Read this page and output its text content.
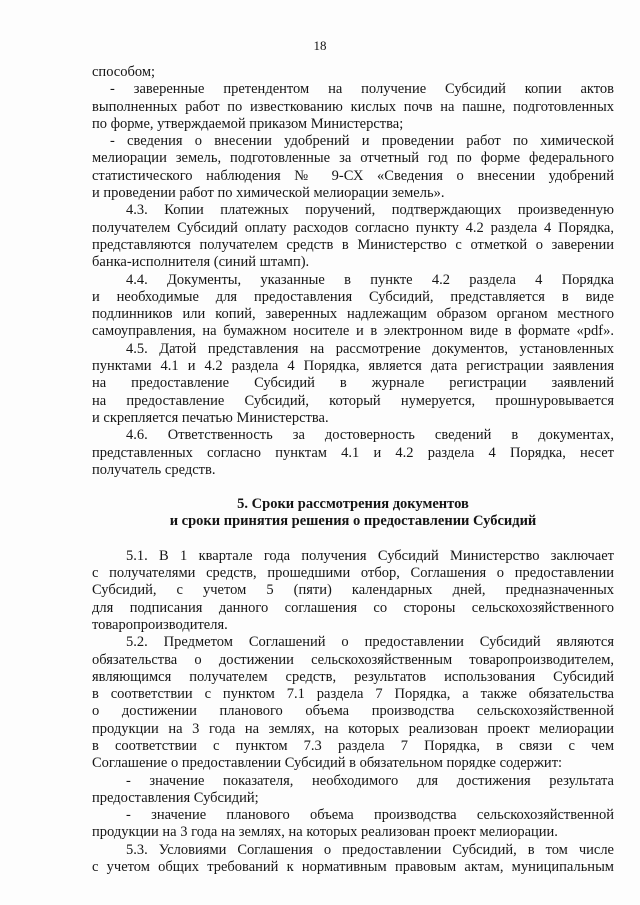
18
способом;
- заверенные претендентом на получение Субсидий копии актов
выполненных работ по известкованию кислых почв на пашне, подготовленных
по форме, утверждаемой приказом Министерства;
- сведения о внесении удобрений и проведении работ по химической
мелиорации земель, подготовленные за отчетный год по форме федерального
статистического наблюдения № 9-СХ «Сведения о внесении удобрений
и проведении работ по химической мелиорации земель».
4.3. Копии платежных поручений, подтверждающих произведенную
получателем Субсидий оплату расходов согласно пункту 4.2 раздела 4 Порядка,
представляются получателем средств в Министерство с отметкой о заверении
банка-исполнителя (синий штамп).
4.4. Документы, указанные в пункте 4.2 раздела 4 Порядка
и необходимые для предоставления Субсидий, представляется в виде
подлинников или копий, заверенных надлежащим образом органом местного
самоуправления, на бумажном носителе и в электронном виде в формате «pdf».
4.5. Датой представления на рассмотрение документов, установленных
пунктами 4.1 и 4.2 раздела 4 Порядка, является дата регистрации заявления
на предоставление Субсидий в журнале регистрации заявлений
на предоставление Субсидий, который нумеруется, прошнуровывается
и скрепляется печатью Министерства.
4.6. Ответственность за достоверность сведений в документах,
представленных согласно пунктам 4.1 и 4.2 раздела 4 Порядка, несет
получатель средств.
5. Сроки рассмотрения документов
и сроки принятия решения о предоставлении Субсидий
5.1. В 1 квартале года получения Субсидий Министерство заключает
с получателями средств, прошедшими отбор, Соглашения о предоставлении
Субсидий, с учетом 5 (пяти) календарных дней, предназначенных
для подписания данного соглашения со стороны сельскохозяйственного
товаропроизводителя.
5.2. Предметом Соглашений о предоставлении Субсидий являются
обязательства о достижении сельскохозяйственным товаропроизводителем,
являющимся получателем средств, результатов использования Субсидий
в соответствии с пунктом 7.1 раздела 7 Порядка, а также обязательства
о достижении планового объема производства сельскохозяйственной
продукции на 3 года на землях, на которых реализован проект мелиорации
в соответствии с пунктом 7.3 раздела 7 Порядка, в связи с чем
Соглашение о предоставлении Субсидий в обязательном порядке содержит:
- значение показателя, необходимого для достижения результата
предоставления Субсидий;
- значение планового объема производства сельскохозяйственной
продукции на 3 года на землях, на которых реализован проект мелиорации.
5.3. Условиями Соглашения о предоставлении Субсидий, в том числе
с учетом общих требований к нормативным правовым актам, муниципальным
